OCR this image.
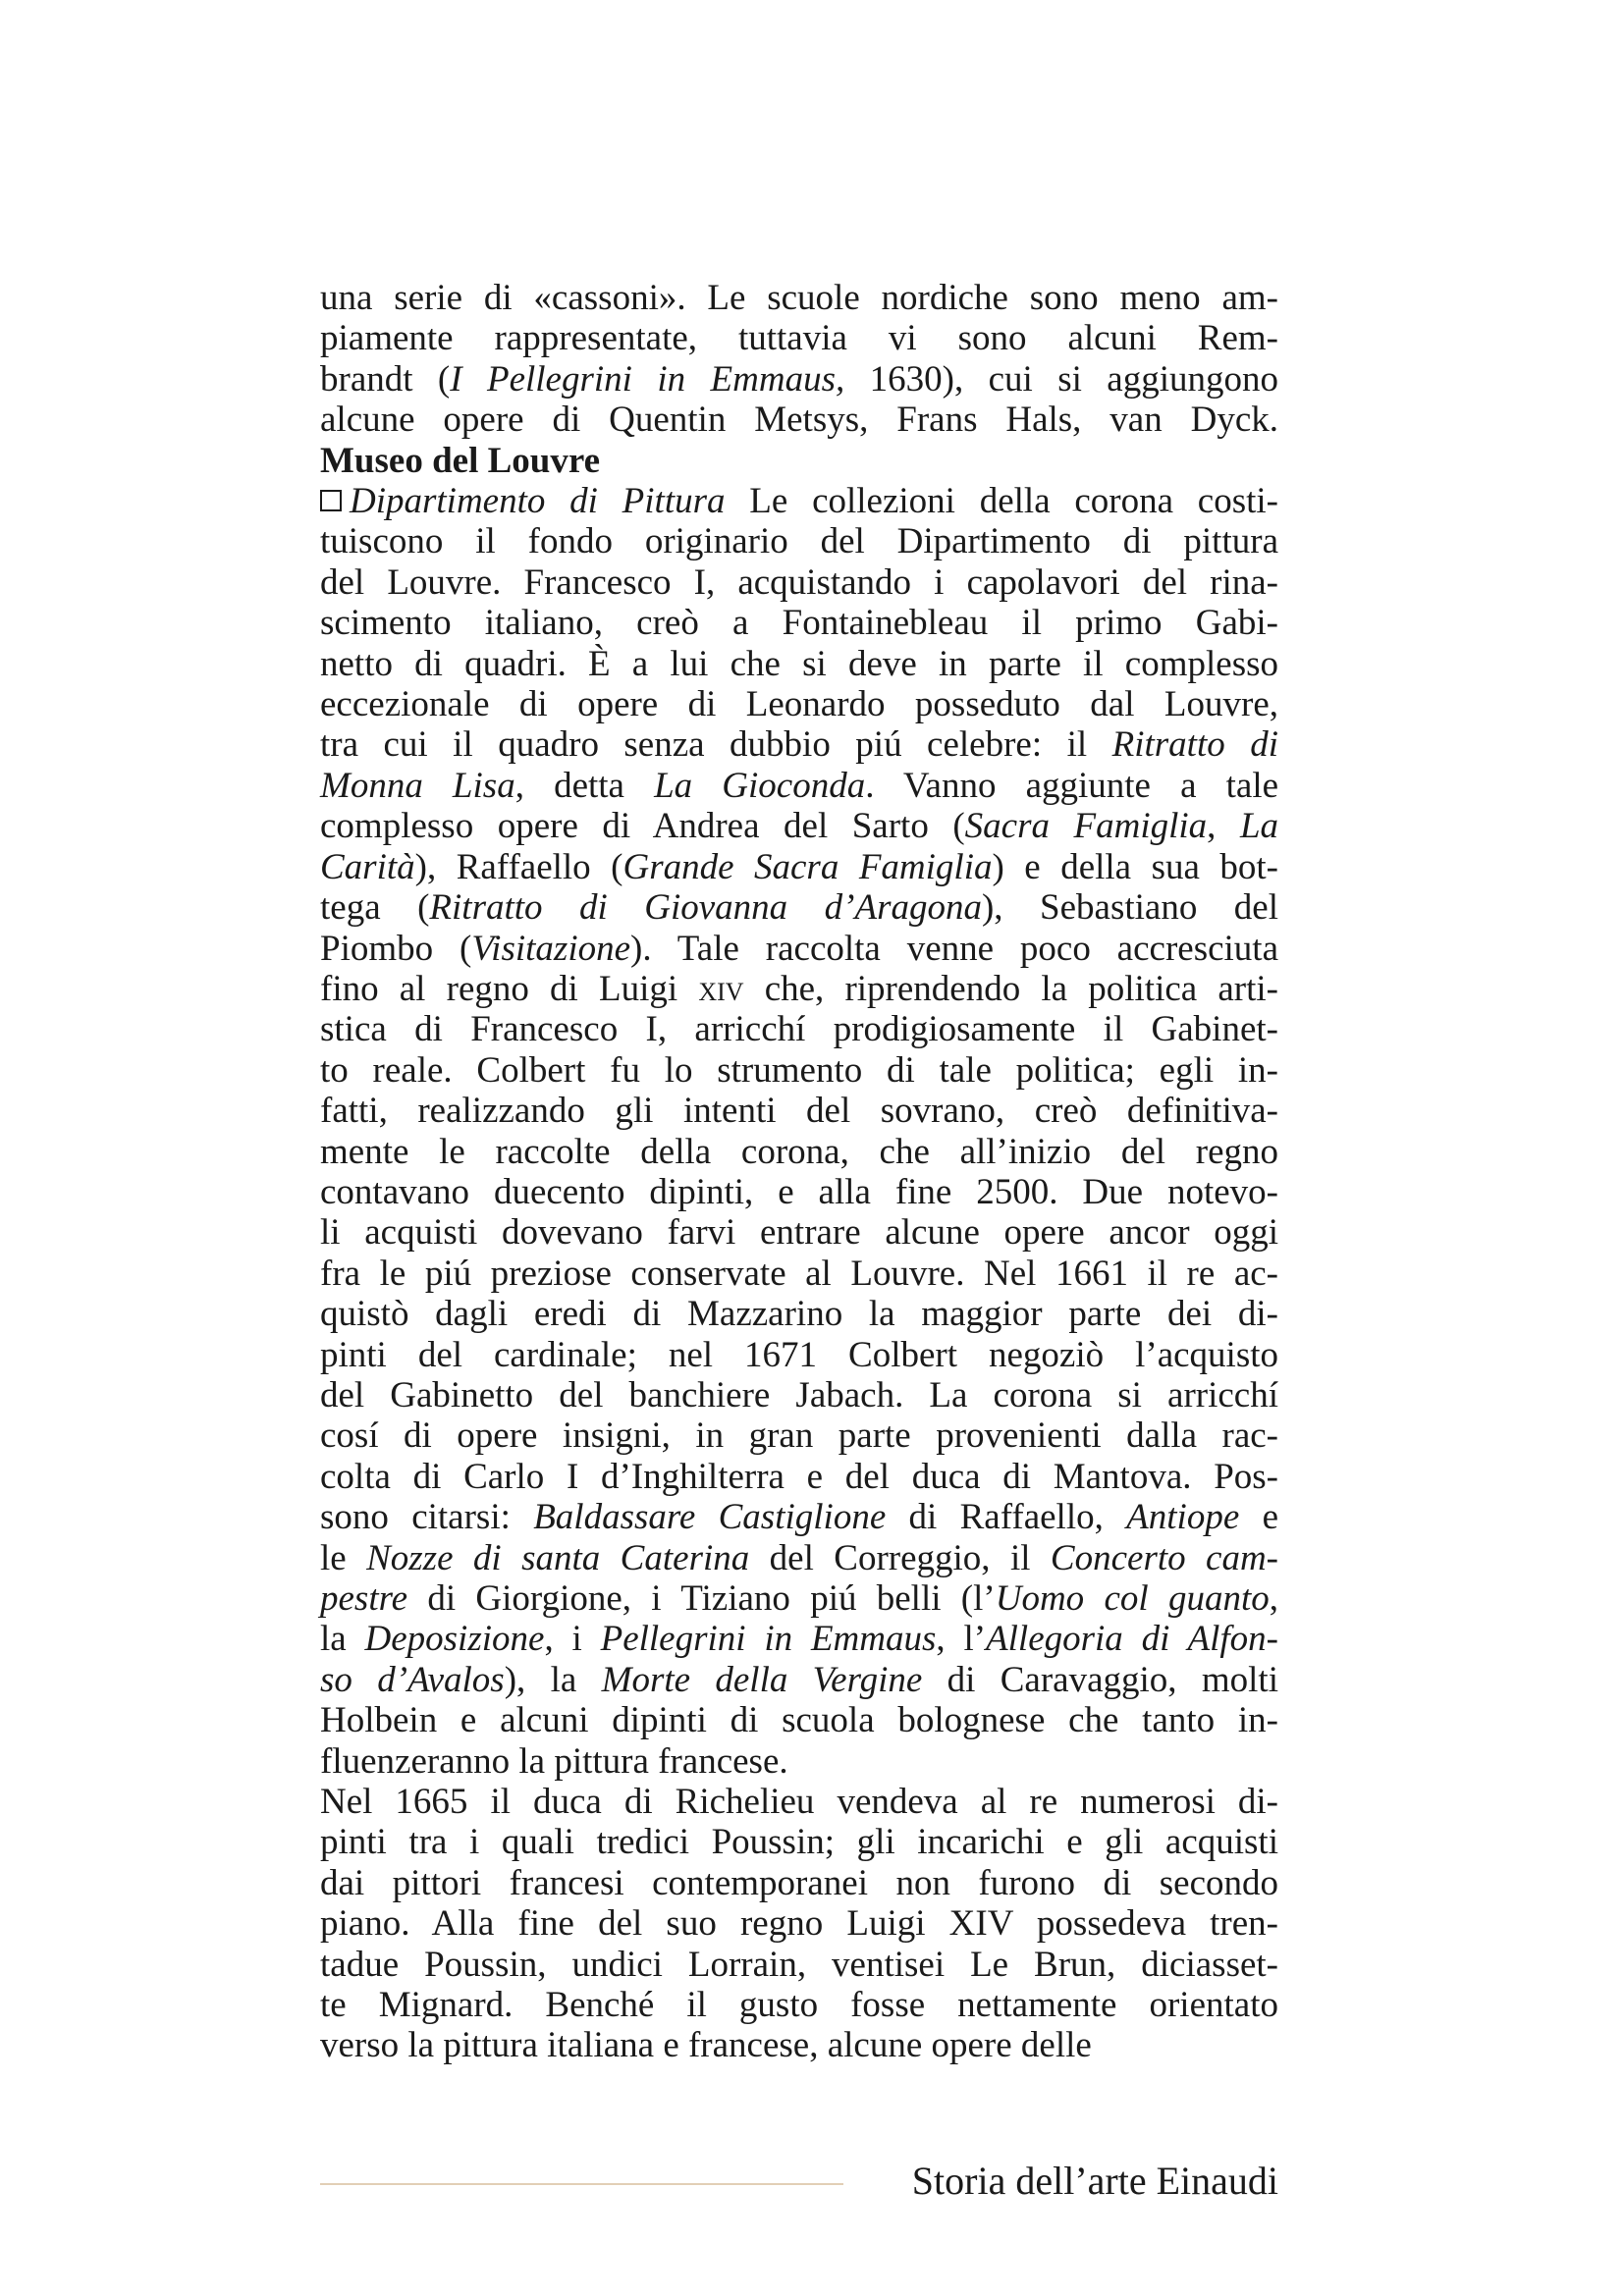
una serie di «cassoni». Le scuole nordiche sono meno am-
piamente rappresentate, tuttavia vi sono alcuni Rem-
brandt (I Pellegrini in Emmaus, 1630), cui si aggiungono
alcune opere di Quentin Metsys, Frans Hals, van Dyck.
Museo del Louvre
Dipartimento di Pittura Le collezioni della corona costi-
tuiscono il fondo originario del Dipartimento di pittura
del Louvre. Francesco I, acquistando i capolavori del rina-
scimento italiano, creò a Fontainebleau il primo Gabi-
netto di quadri. È a lui che si deve in parte il complesso
eccezionale di opere di Leonardo posseduto dal Louvre,
tra cui il quadro senza dubbio piú celebre: il Ritratto di
Monna Lisa, detta La Gioconda. Vanno aggiunte a tale
complesso opere di Andrea del Sarto (Sacra Famiglia, La
Carità), Raffaello (Grande Sacra Famiglia) e della sua bot-
tega (Ritratto di Giovanna d’Aragona), Sebastiano del
Piombo (Visitazione). Tale raccolta venne poco accresciuta
fino al regno di Luigi xiv che, riprendendo la politica arti-
stica di Francesco I, arricchí prodigiosamente il Gabinet-
to reale. Colbert fu lo strumento di tale politica; egli in-
fatti, realizzando gli intenti del sovrano, creò definitiva-
mente le raccolte della corona, che all’inizio del regno
contavano duecento dipinti, e alla fine 2500. Due notevo-
li acquisti dovevano farvi entrare alcune opere ancor oggi
fra le piú preziose conservate al Louvre. Nel 1661 il re ac-
quistò dagli eredi di Mazzarino la maggior parte dei di-
pinti del cardinale; nel 1671 Colbert negoziò l’acquisto
del Gabinetto del banchiere Jabach. La corona si arricchí
cosí di opere insigni, in gran parte provenienti dalla rac-
colta di Carlo I d’Inghilterra e del duca di Mantova. Pos-
sono citarsi: Baldassare Castiglione di Raffaello, Antiope e
le Nozze di santa Caterina del Correggio, il Concerto cam-
pestre di Giorgione, i Tiziano piú belli (l’Uomo col guanto,
la Deposizione, i Pellegrini in Emmaus, l’Allegoria di Alfon-
so d’Avalos), la Morte della Vergine di Caravaggio, molti
Holbein e alcuni dipinti di scuola bolognese che tanto in-
fluenzeranno la pittura francese.
Nel 1665 il duca di Richelieu vendeva al re numerosi di-
pinti tra i quali tredici Poussin; gli incarichi e gli acquisti
dai pittori francesi contemporanei non furono di secondo
piano. Alla fine del suo regno Luigi XIV possedeva tren-
tadue Poussin, undici Lorrain, ventisei Le Brun, diciasset-
te Mignard. Benché il gusto fosse nettamente orientato
verso la pittura italiana e francese, alcune opere delle
Storia dell’arte Einaudi
